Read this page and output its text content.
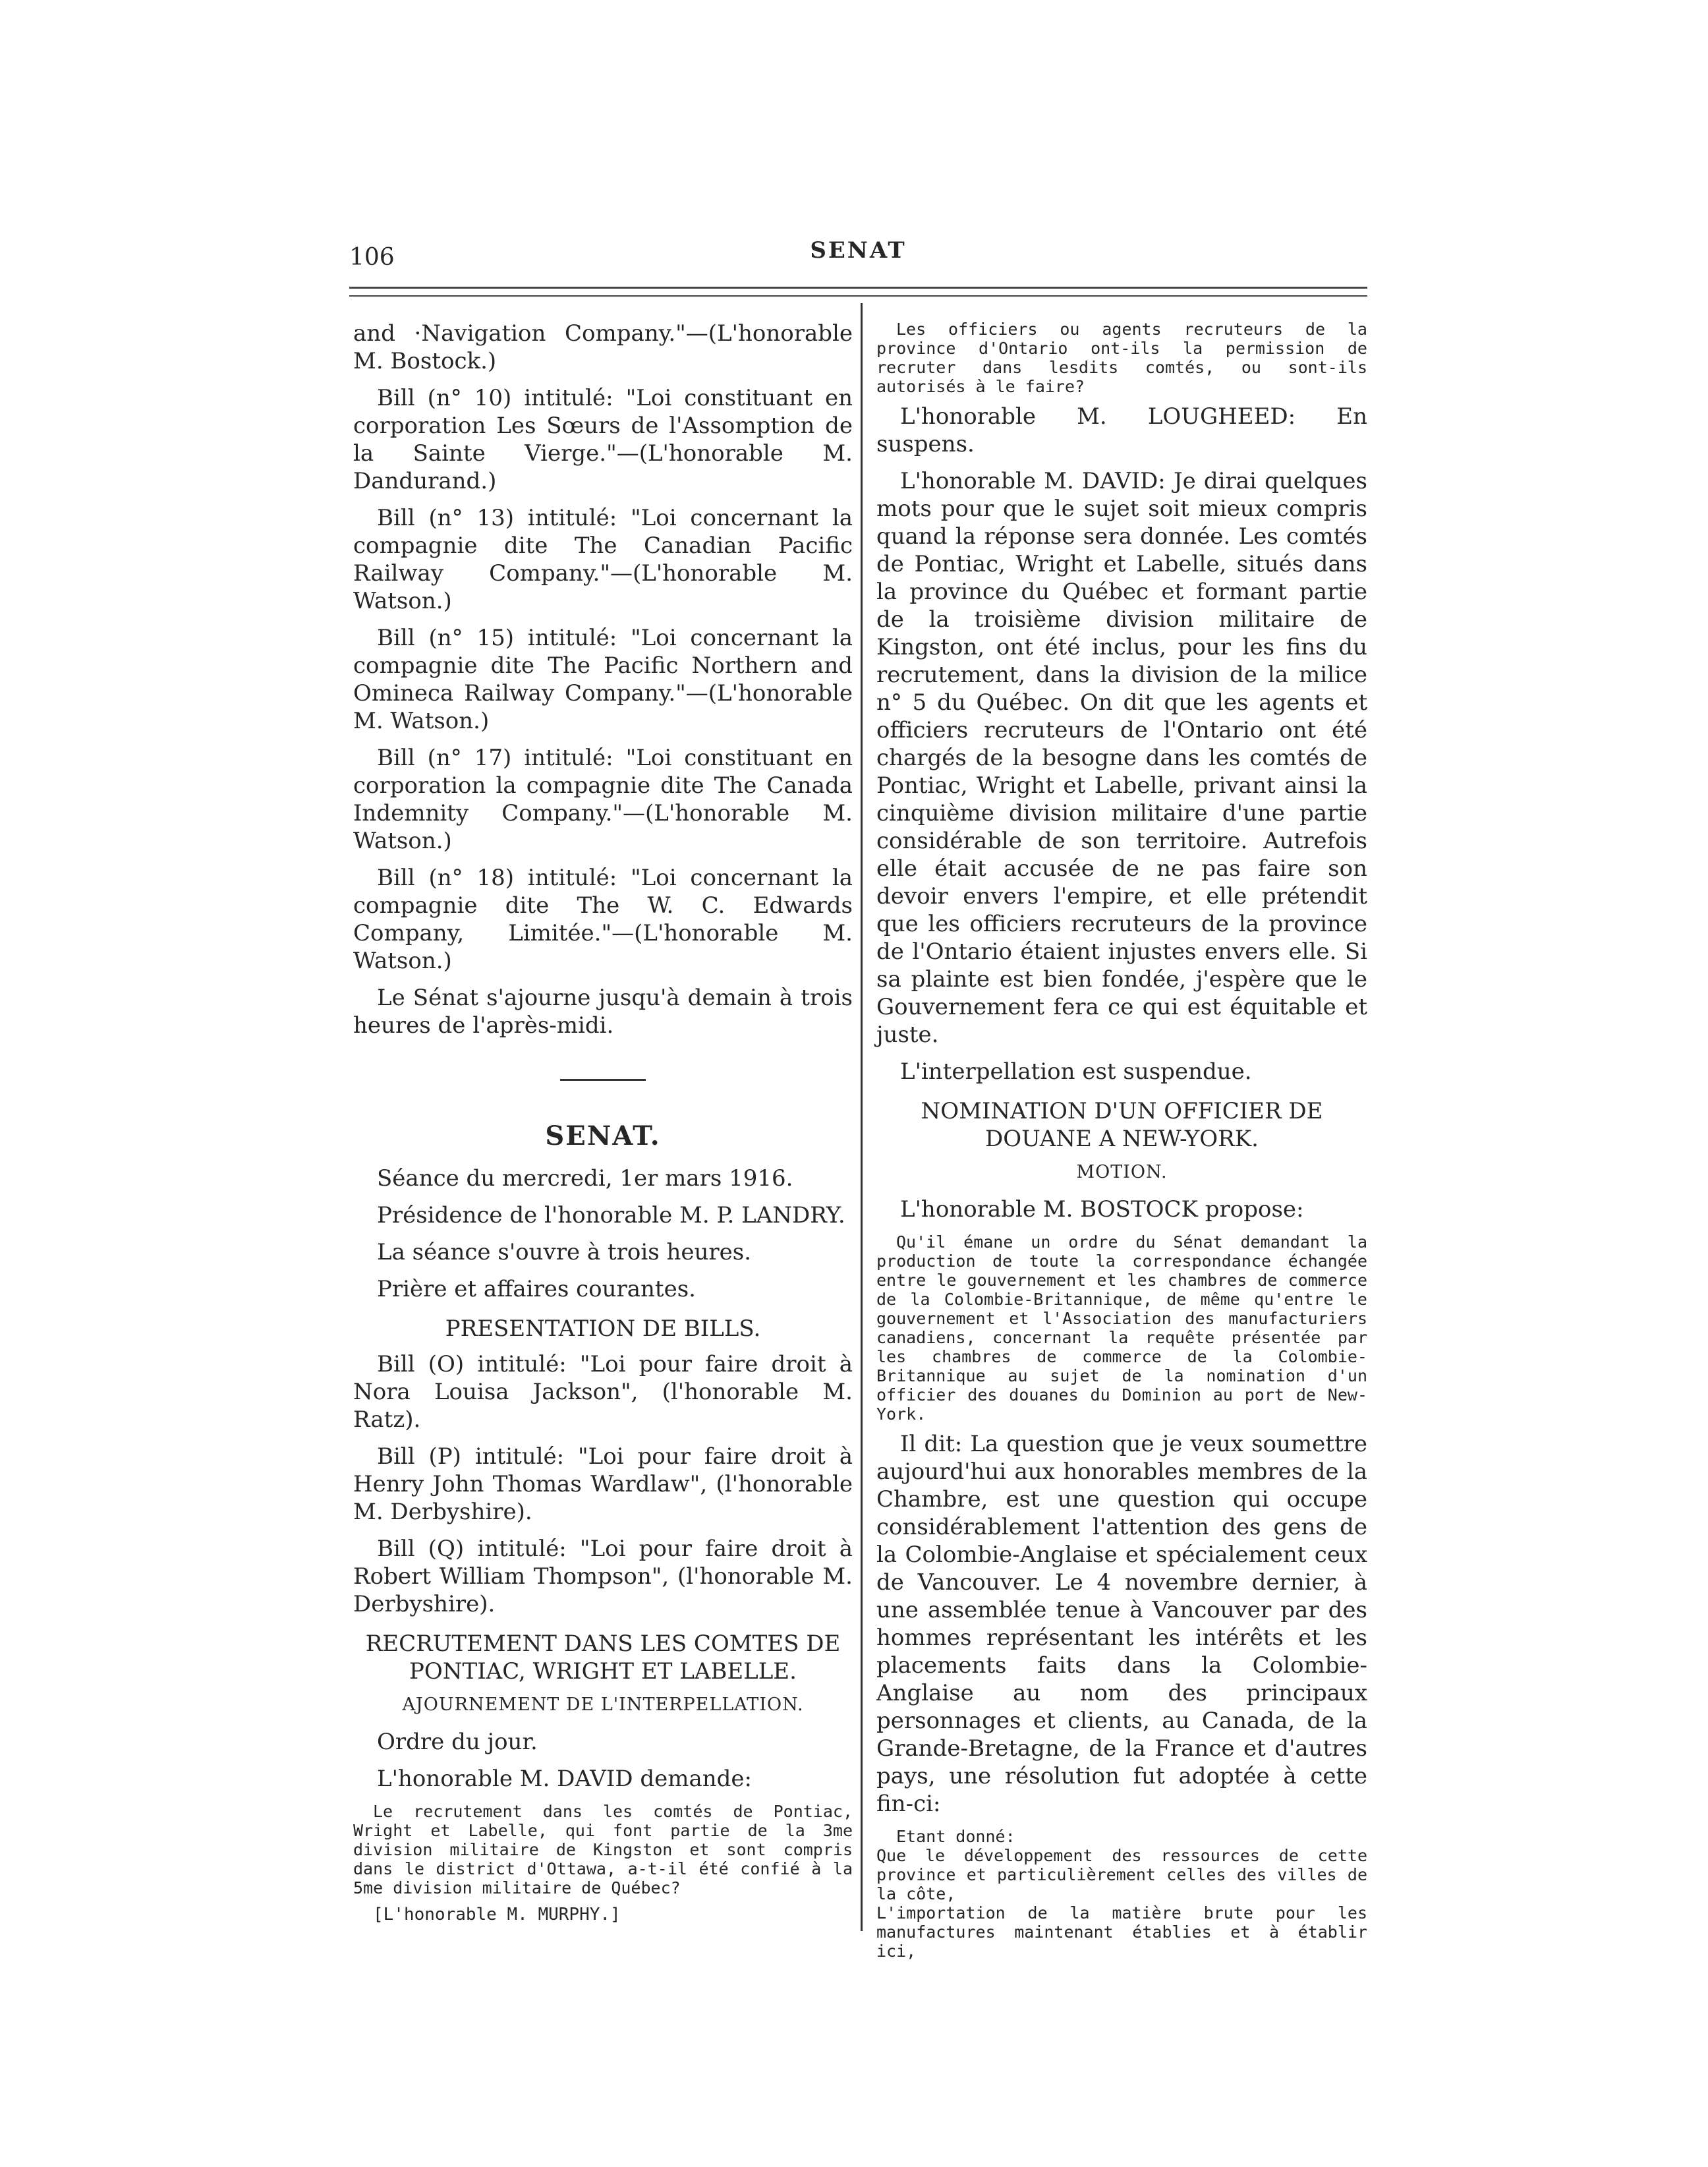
106	SENAT

and ·Navigation Company."—(L'honorable M. Bostock.)

Bill (n° 10) intitulé: "Loi constituant en corporation Les Sœurs de l'Assomption de la Sainte Vierge."—(L'honorable M. Dandurand.)

Bill (n° 13) intitulé: "Loi concernant la compagnie dite The Canadian Pacific Railway Company."—(L'honorable M. Watson.)

Bill (n° 15) intitulé: "Loi concernant la compagnie dite The Pacific Northern and Omineca Railway Company."—(L'honorable M. Watson.)

Bill (n° 17) intitulé: "Loi constituant en corporation la compagnie dite The Canada Indemnity Company."—(L'honorable M. Watson.)

Bill (n° 18) intitulé: "Loi concernant la compagnie dite The W. C. Edwards Company, Limitée."—(L'honorable M. Watson.)

Le Sénat s'ajourne jusqu'à demain à trois heures de l'après-midi.

SENAT.

Séance du mercredi, 1er mars 1916.

Présidence de l'honorable M. P. LANDRY.

La séance s'ouvre à trois heures.

Prière et affaires courantes.

PRESENTATION DE BILLS.

Bill (O) intitulé: "Loi pour faire droit à Nora Louisa Jackson", (l'honorable M. Ratz).

Bill (P) intitulé: "Loi pour faire droit à Henry John Thomas Wardlaw", (l'honorable M. Derbyshire).

Bill (Q) intitulé: "Loi pour faire droit à Robert William Thompson", (l'honorable M. Derbyshire).

RECRUTEMENT DANS LES COMTES DE PONTIAC, WRIGHT ET LABELLE.
AJOURNEMENT DE L'INTERPELLATION.

Ordre du jour.

L'honorable M. DAVID demande:

Le recrutement dans les comtés de Pontiac, Wright et Labelle, qui font partie de la 3me division militaire de Kingston et sont compris dans le district d'Ottawa, a-t-il été confié à la 5me division militaire de Québec?

[L'honorable M. MURPHY.]

Les officiers ou agents recruteurs de la province d'Ontario ont-ils la permission de recruter dans lesdits comtés, ou sont-ils autorisés à le faire?

L'honorable M. LOUGHEED: En suspens.

L'honorable M. DAVID: Je dirai quelques mots pour que le sujet soit mieux compris quand la réponse sera donnée. Les comtés de Pontiac, Wright et Labelle, situés dans la province du Québec et formant partie de la troisième division militaire de Kingston, ont été inclus, pour les fins du recrutement, dans la division de la milice n° 5 du Québec. On dit que les agents et officiers recruteurs de l'Ontario ont été chargés de la besogne dans les comtés de Pontiac, Wright et Labelle, privant ainsi la cinquième division militaire d'une partie considérable de son territoire. Autrefois elle était accusée de ne pas faire son devoir envers l'empire, et elle prétendit que les officiers recruteurs de la province de l'Ontario étaient injustes envers elle. Si sa plainte est bien fondée, j'espère que le Gouvernement fera ce qui est équitable et juste.

L'interpellation est suspendue.

NOMINATION D'UN OFFICIER DE DOUANE A NEW-YORK.
MOTION.

L'honorable M. BOSTOCK propose:

Qu'il émane un ordre du Sénat demandant la production de toute la correspondance échangée entre le gouvernement et les chambres de commerce de la Colombie-Britannique, de même qu'entre le gouvernement et l'Association des manufacturiers canadiens, concernant la requête présentée par les chambres de commerce de la Colombie-Britannique au sujet de la nomination d'un officier des douanes du Dominion au port de New-York.

Il dit: La question que je veux soumettre aujourd'hui aux honorables membres de la Chambre, est une question qui occupe considérablement l'attention des gens de la Colombie-Anglaise et spécialement ceux de Vancouver. Le 4 novembre dernier, à une assemblée tenue à Vancouver par des hommes représentant les intérêts et les placements faits dans la Colombie-Anglaise au nom des principaux personnages et clients, au Canada, de la Grande-Bretagne, de la France et d'autres pays, une résolution fut adoptée à cette fin-ci:

Etant donné:

Que le développement des ressources de cette province et particulièrement celles des villes de la côte,

L'importation de la matière brute pour les manufactures maintenant établies et à établir ici,
